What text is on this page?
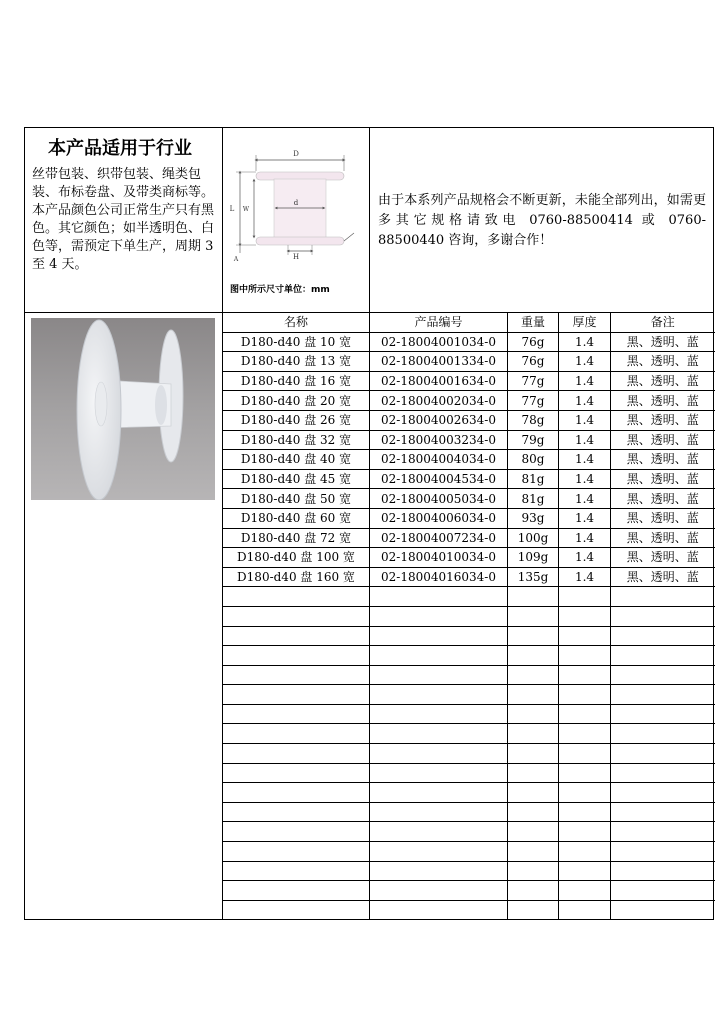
本产品适用于行业
丝带包装、织带包装、绳类包装、布标卷盘、及带类商标等。本产品颜色公司正常生产只有黑色。其它颜色；如半透明色、白色等，需预定下单生产，周期 3 至 4 天。
D
d
L W
H
A
图中所示尺寸单位：mm
由于本系列产品规格会不断更新，未能全部列出，如需更多其它规格请致电 0760-88500414 或 0760-88500440 咨询，多谢合作！
名称	产品编号	重量	厚度	备注
D180-d40 盘 10 宽	02-18004001034-0	76g	1.4	黑、透明、蓝
D180-d40 盘 13 宽	02-18004001334-0	76g	1.4	黑、透明、蓝
D180-d40 盘 16 宽	02-18004001634-0	77g	1.4	黑、透明、蓝
D180-d40 盘 20 宽	02-18004002034-0	77g	1.4	黑、透明、蓝
D180-d40 盘 26 宽	02-18004002634-0	78g	1.4	黑、透明、蓝
D180-d40 盘 32 宽	02-18004003234-0	79g	1.4	黑、透明、蓝
D180-d40 盘 40 宽	02-18004004034-0	80g	1.4	黑、透明、蓝
D180-d40 盘 45 宽	02-18004004534-0	81g	1.4	黑、透明、蓝
D180-d40 盘 50 宽	02-18004005034-0	81g	1.4	黑、透明、蓝
D180-d40 盘 60 宽	02-18004006034-0	93g	1.4	黑、透明、蓝
D180-d40 盘 72 宽	02-18004007234-0	100g	1.4	黑、透明、蓝
D180-d40 盘 100 宽	02-18004010034-0	109g	1.4	黑、透明、蓝
D180-d40 盘 160 宽	02-18004016034-0	135g	1.4	黑、透明、蓝
